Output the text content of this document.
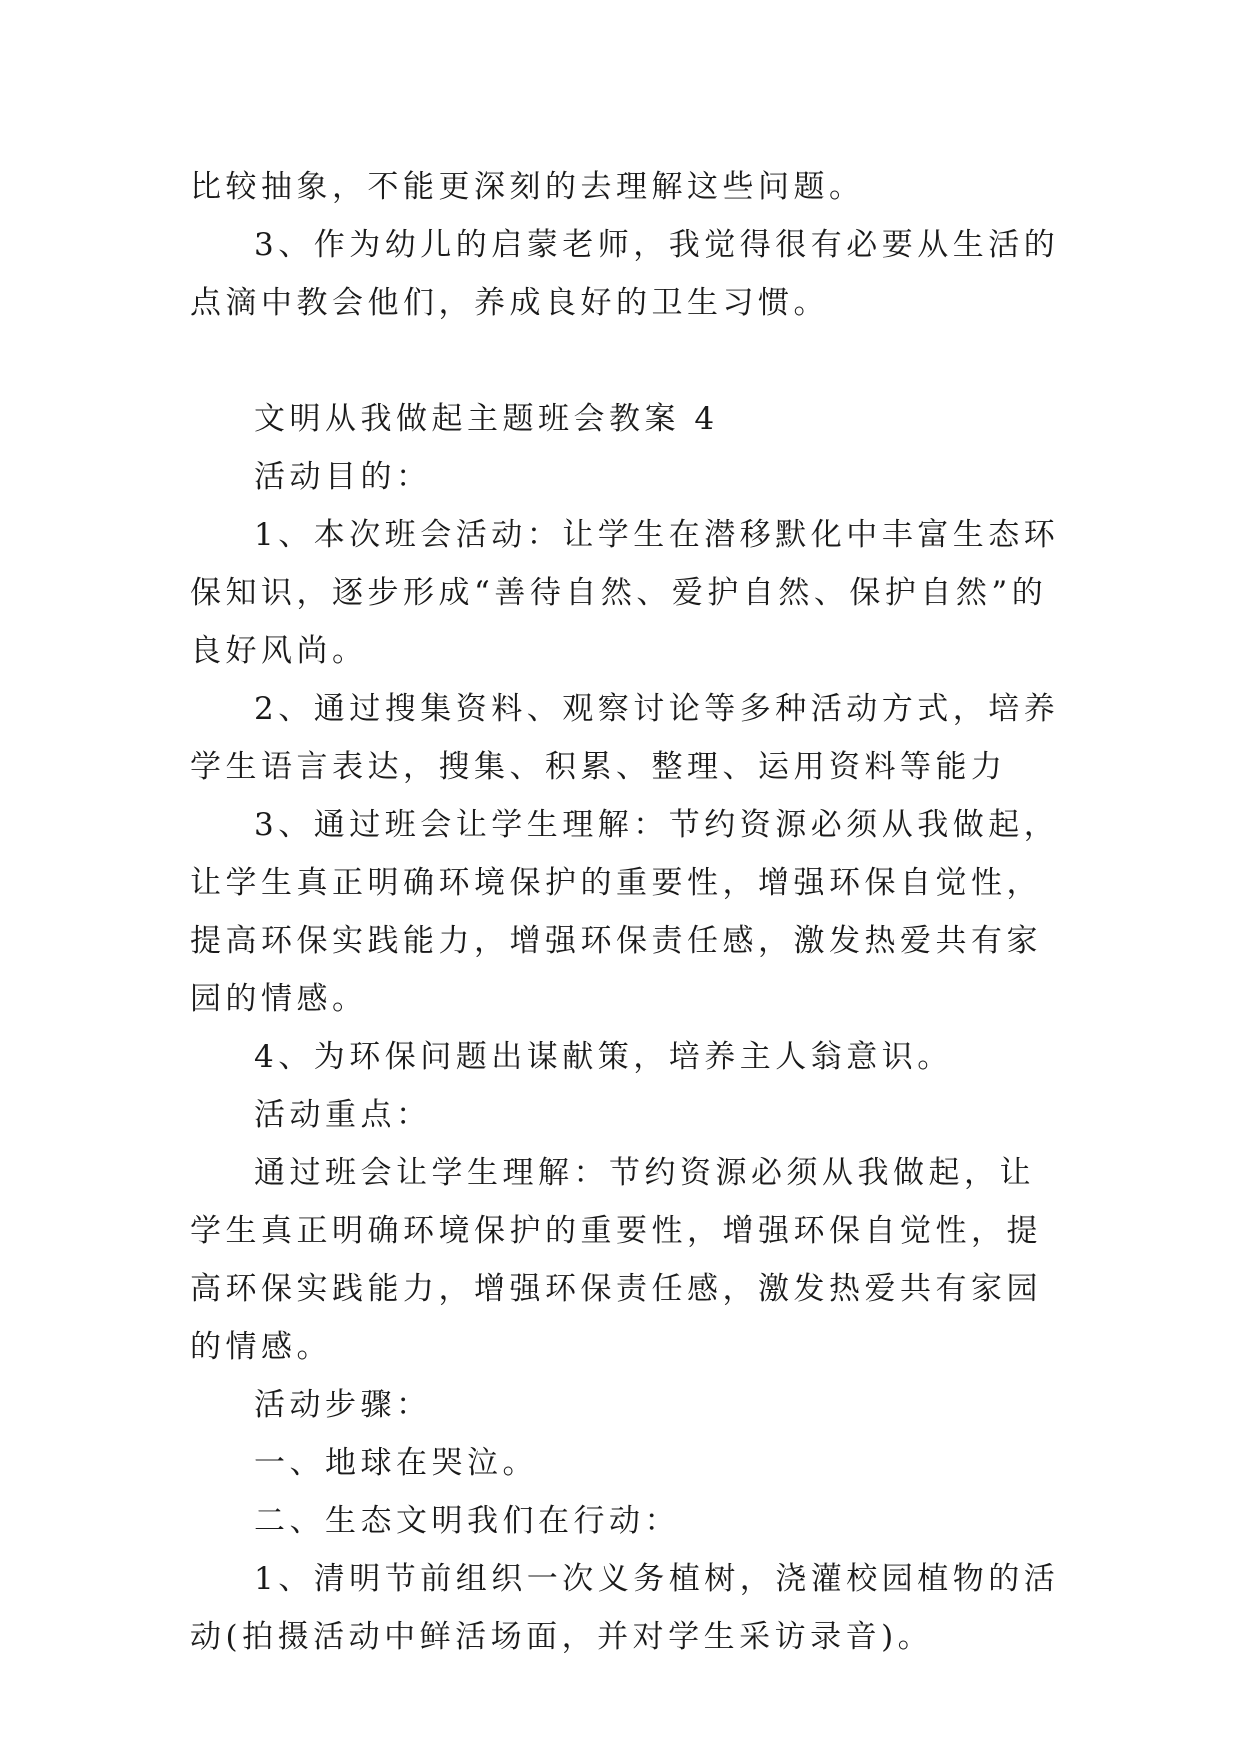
比较抽象，不能更深刻的去理解这些问题。

3、作为幼儿的启蒙老师，我觉得很有必要从生活的点滴中教会他们，养成良好的卫生习惯。

文明从我做起主题班会教案 4

活动目的：

1、本次班会活动：让学生在潜移默化中丰富生态环保知识，逐步形成“善待自然、爱护自然、保护自然”的良好风尚。

2、通过搜集资料、观察讨论等多种活动方式，培养学生语言表达，搜集、积累、整理、运用资料等能力

3、通过班会让学生理解：节约资源必须从我做起，让学生真正明确环境保护的重要性，增强环保自觉性，提高环保实践能力，增强环保责任感，激发热爱共有家园的情感。

4、为环保问题出谋献策，培养主人翁意识。

活动重点：

通过班会让学生理解：节约资源必须从我做起，让学生真正明确环境保护的重要性，增强环保自觉性，提高环保实践能力，增强环保责任感，激发热爱共有家园的情感。

活动步骤：

一、地球在哭泣。

二、生态文明我们在行动：

1、清明节前组织一次义务植树，浇灌校园植物的活动(拍摄活动中鲜活场面，并对学生采访录音)。
